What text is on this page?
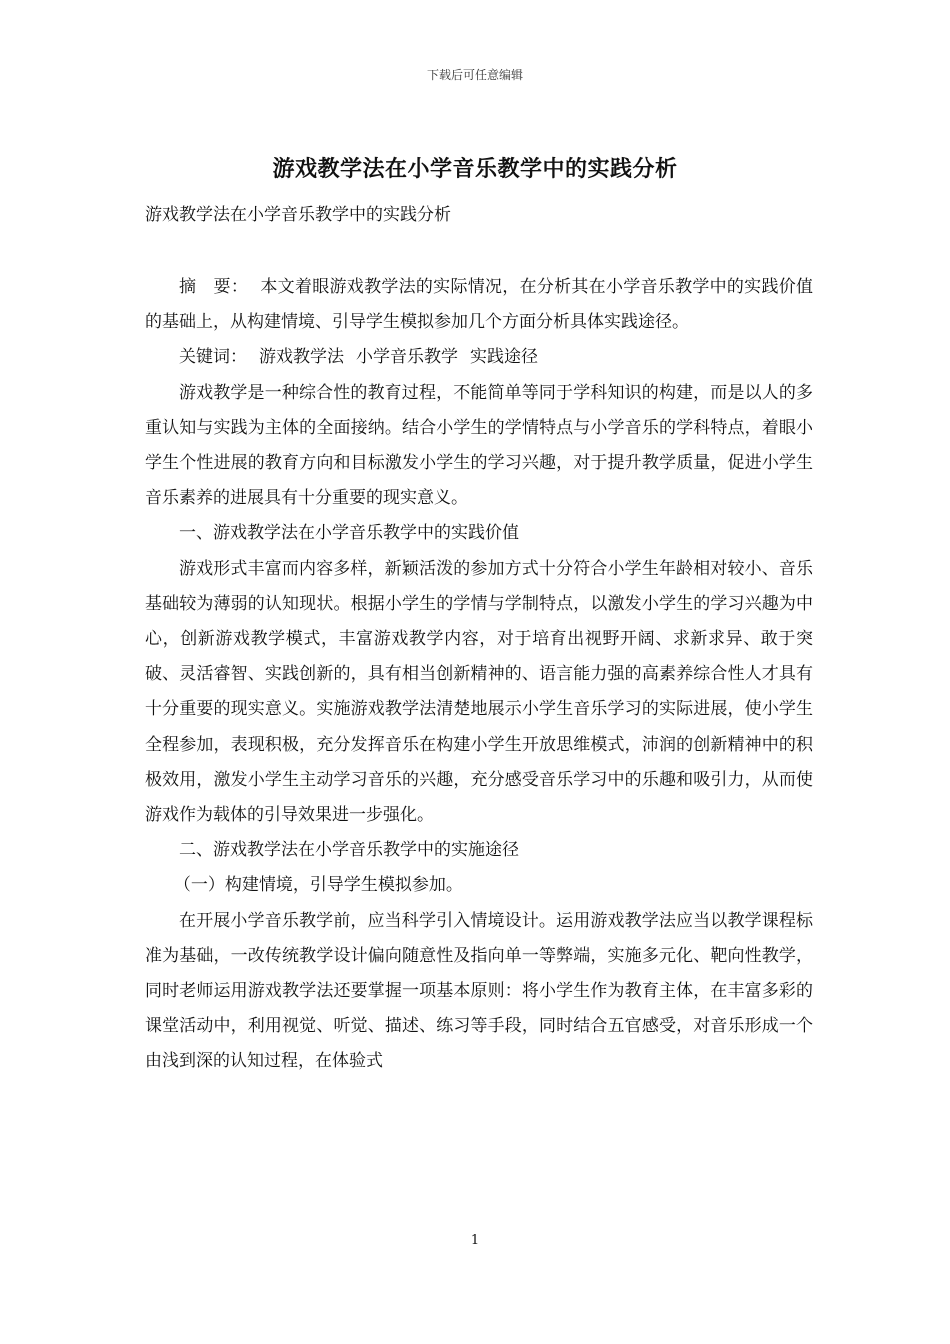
下载后可任意编辑
游戏教学法在小学音乐教学中的实践分析
游戏教学法在小学音乐教学中的实践分析

摘　要： 本文着眼游戏教学法的实际情况，在分析其在小学音乐教学中的实践价值的基础上，从构建情境、引导学生模拟参加几个方面分析具体实践途径。

关键词： 游戏教学法 小学音乐教学 实践途径

游戏教学是一种综合性的教育过程，不能简单等同于学科知识的构建，而是以人的多重认知与实践为主体的全面接纳。结合小学生的学情特点与小学音乐的学科特点，着眼小学生个性进展的教育方向和目标激发小学生的学习兴趣，对于提升教学质量，促进小学生音乐素养的进展具有十分重要的现实意义。

一、游戏教学法在小学音乐教学中的实践价值

游戏形式丰富而内容多样，新颖活泼的参加方式十分符合小学生年龄相对较小、音乐基础较为薄弱的认知现状。根据小学生的学情与学制特点，以激发小学生的学习兴趣为中心，创新游戏教学模式，丰富游戏教学内容，对于培育出视野开阔、求新求异、敢于突破、灵活睿智、实践创新的，具有相当创新精神的、语言能力强的高素养综合性人才具有十分重要的现实意义。实施游戏教学法清楚地展示小学生音乐学习的实际进展，使小学生全程参加，表现积极，充分发挥音乐在构建小学生开放思维模式，沛润的创新精神中的积极效用，激发小学生主动学习音乐的兴趣，充分感受音乐学习中的乐趣和吸引力，从而使游戏作为载体的引导效果进一步强化。

二、游戏教学法在小学音乐教学中的实施途径

（一）构建情境，引导学生模拟参加。

在开展小学音乐教学前，应当科学引入情境设计。运用游戏教学法应当以教学课程标准为基础，一改传统教学设计偏向随意性及指向单一等弊端，实施多元化、靶向性教学，同时老师运用游戏教学法还要掌握一项基本原则：将小学生作为教育主体，在丰富多彩的课堂活动中，利用视觉、听觉、描述、练习等手段，同时结合五官感受，对音乐形成一个由浅到深的认知过程，在体验式

1
